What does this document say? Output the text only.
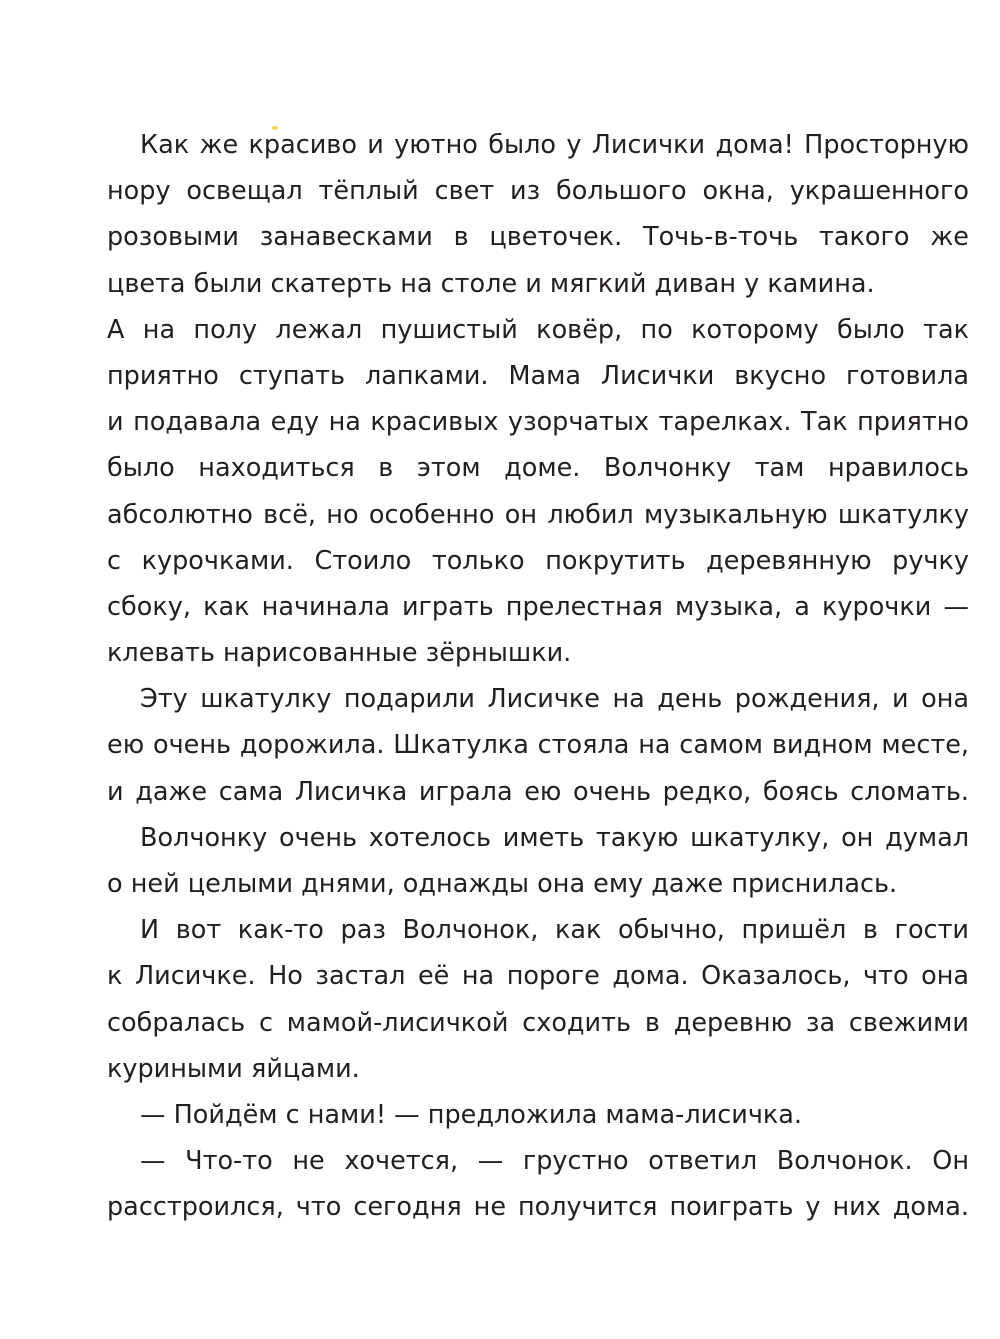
Как же красиво и уютно было у Лисички дома! Просторную
нору освещал тёплый свет из большого окна, украшенного
розовыми занавесками в цветочек. Точь-в-точь такого же
цвета были скатерть на столе и мягкий диван у камина.
А на полу лежал пушистый ковёр, по которому было так
приятно ступать лапками. Мама Лисички вкусно готовила
и подавала еду на красивых узорчатых тарелках. Так приятно
было находиться в этом доме. Волчонку там нравилось
абсолютно всё, но особенно он любил музыкальную шкатулку
с курочками. Стоило только покрутить деревянную ручку
сбоку, как начинала играть прелестная музыка, а курочки —
клевать нарисованные зёрнышки.
Эту шкатулку подарили Лисичке на день рождения, и она
ею очень дорожила. Шкатулка стояла на самом видном месте,
и даже сама Лисичка играла ею очень редко, боясь сломать.
Волчонку очень хотелось иметь такую шкатулку, он думал
о ней целыми днями, однажды она ему даже приснилась.
И вот как-то раз Волчонок, как обычно, пришёл в гости
к Лисичке. Но застал её на пороге дома. Оказалось, что она
собралась с мамой-лисичкой сходить в деревню за свежими
куриными яйцами.
— Пойдём с нами! — предложила мама-лисичка.
— Что-то не хочется, — грустно ответил Волчонок. Он
расстроился, что сегодня не получится поиграть у них дома.
